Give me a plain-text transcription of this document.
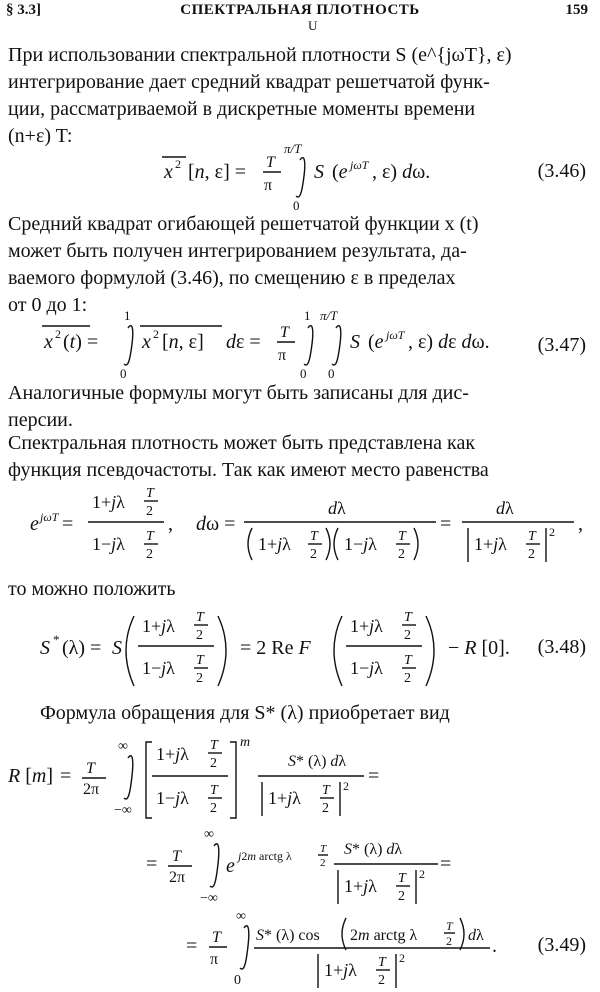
§ 3.3]	СПЕКТРАЛЬНАЯ ПЛОТНОСТЬ	159
U
При использовании спектральной плотности S (e^{jωT}, ε)
интегрирование дает средний квадрат решетчатой функ-
ции, рассматриваемой в дискретные моменты времени
(n+ε) T:
x 2 [n, ε] = T
π
π/T
0
S (e jωT , ε) dω.	(3.46)
Средний квадрат огибающей решетчатой функции x (t)
может быть получен интегрированием результата, да-
ваемого формулой (3.46), по смещению ε в пределах
от 0 до 1:
x 2 (t) =
1
0
x 2 [n, ε] dε = T
π
1
0
π/T
0
S (e jωT , ε) dε dω. (3.47)
Аналогичные формулы могут быть записаны для дис-
персии.
Спектральная плотность может быть представлена как
функция псевдочастоты. Так как имеют место равенства
e jωT =
1+jλ T
2
1−jλ T
2
, dω =
dλ
1+jλ T
2
1−jλ T
2
=
dλ
1+jλ T
2
2 ,
то можно положить
S * (λ) = S
1+jλ T
2
1−jλ T
2
= 2 Re F
1+jλ T
2
1−jλ T
2
− R [0]. (3.48)
Формула обращения для S* (λ) приобретает вид
R [m] = T
2π
∞
−∞
1+jλ T
2
1−jλ T
2
m
S* (λ) dλ
1+jλ T
2
2 =
= T
2π
∞
−∞
e j2m arctg λ	T
2
S* (λ) dλ
1+jλ T
2
2 =
= T
π
∞
0
S* (λ) cos 2m arctg λ
T
2 dλ
1+jλ T
2
2
. (3.49)
